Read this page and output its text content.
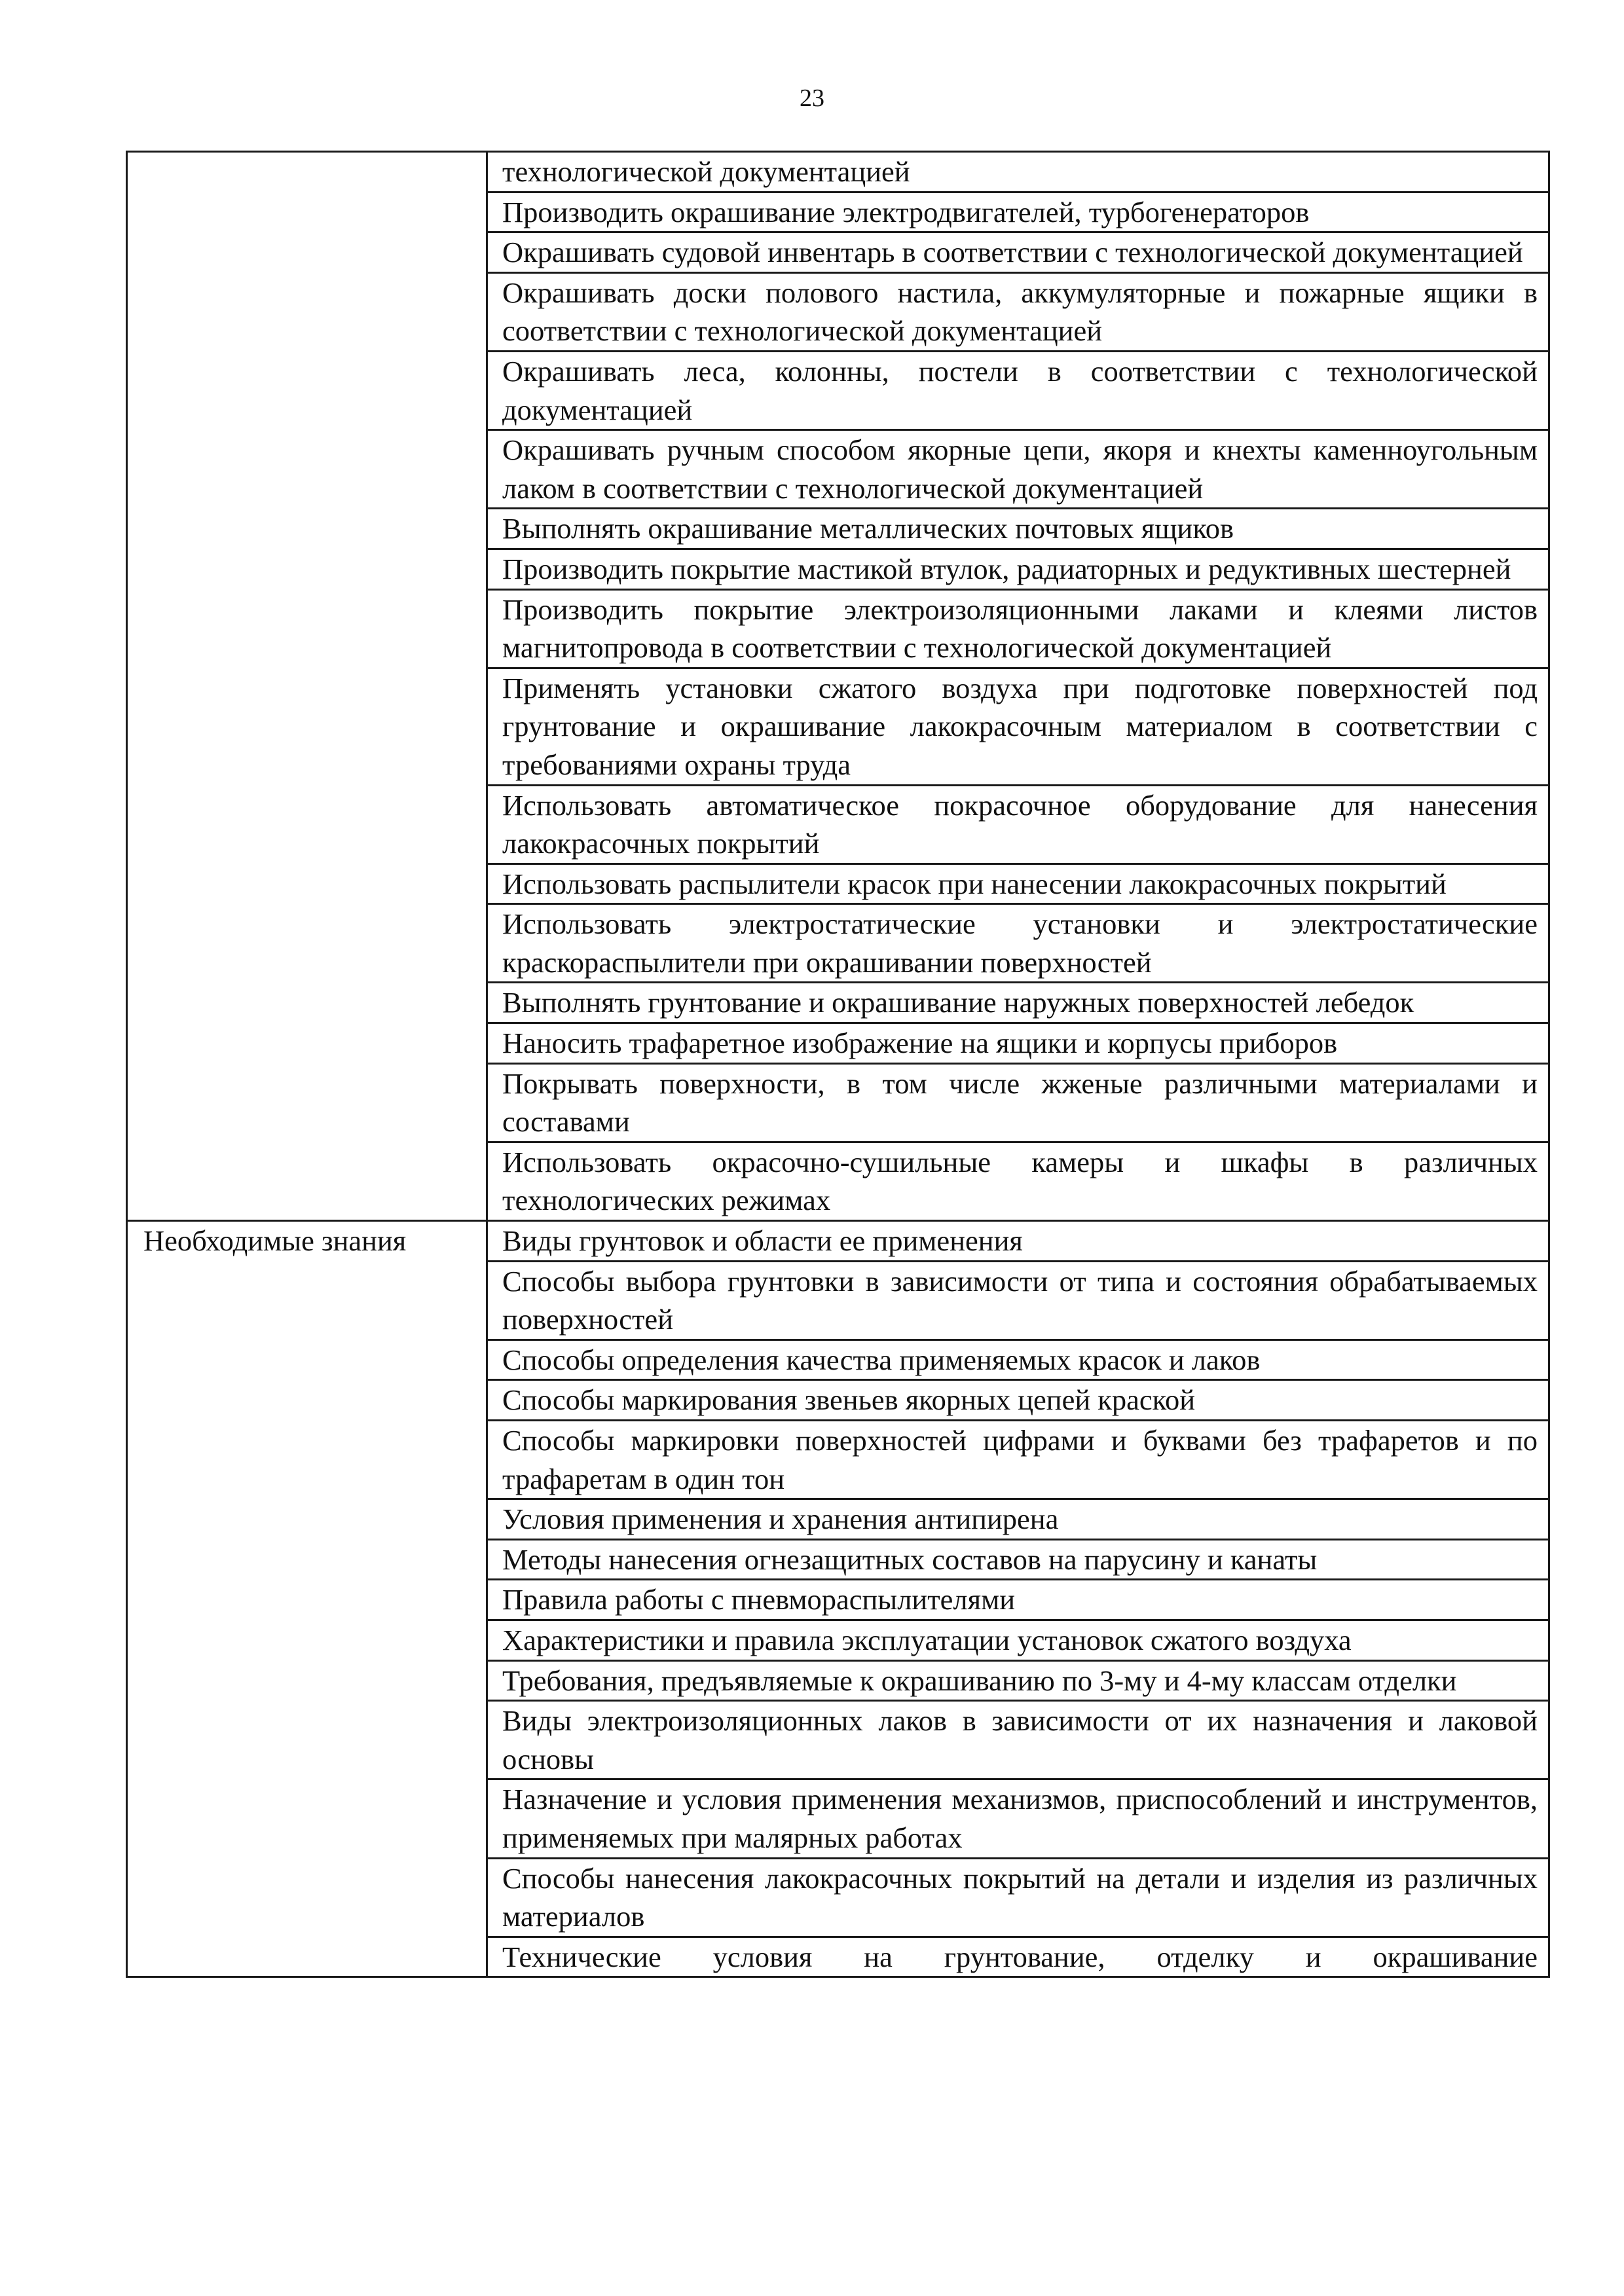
23
	технологической документацией
	Производить окрашивание электродвигателей, турбогенераторов
	Окрашивать судовой инвентарь в соответствии с технологической документацией
	Окрашивать доски полового настила, аккумуляторные и пожарные ящики в соответствии с технологической документацией
	Окрашивать леса, колонны, постели в соответствии с технологической документацией
	Окрашивать ручным способом якорные цепи, якоря и кнехты каменноугольным лаком в соответствии с технологической документацией
	Выполнять окрашивание металлических почтовых ящиков
	Производить покрытие мастикой втулок, радиаторных и редуктивных шестерней
	Производить покрытие электроизоляционными лаками и клеями листов магнитопровода в соответствии с технологической документацией
	Применять установки сжатого воздуха при подготовке поверхностей под грунтование и окрашивание лакокрасочным материалом в соответствии с требованиями охраны труда
	Использовать автоматическое покрасочное оборудование для нанесения лакокрасочных покрытий
	Использовать распылители красок при нанесении лакокрасочных покрытий
	Использовать электростатические установки и электростатические краскораспылители при окрашивании поверхностей
	Выполнять грунтование и окрашивание наружных поверхностей лебедок
	Наносить трафаретное изображение на ящики и корпусы приборов
	Покрывать поверхности, в том числе жженые различными материалами и составами
	Использовать окрасочно-сушильные камеры и шкафы в различных технологических режимах
Необходимые знания	Виды грунтовок и области ее применения
	Способы выбора грунтовки в зависимости от типа и состояния обрабатываемых поверхностей
	Способы определения качества применяемых красок и лаков
	Способы маркирования звеньев якорных цепей краской
	Способы маркировки поверхностей цифрами и буквами без трафаретов и по трафаретам в один тон
	Условия применения и хранения антипирена
	Методы нанесения огнезащитных составов на парусину и канаты
	Правила работы с пневмораспылителями
	Характеристики и правила эксплуатации установок сжатого воздуха
	Требования, предъявляемые к окрашиванию по 3-му и 4-му классам отделки
	Виды электроизоляционных лаков в зависимости от их назначения и лаковой основы
	Назначение и условия применения механизмов, приспособлений и инструментов, применяемых при малярных работах
	Способы нанесения лакокрасочных покрытий на детали и изделия из различных материалов
	Технические условия на грунтование, отделку и окрашивание
